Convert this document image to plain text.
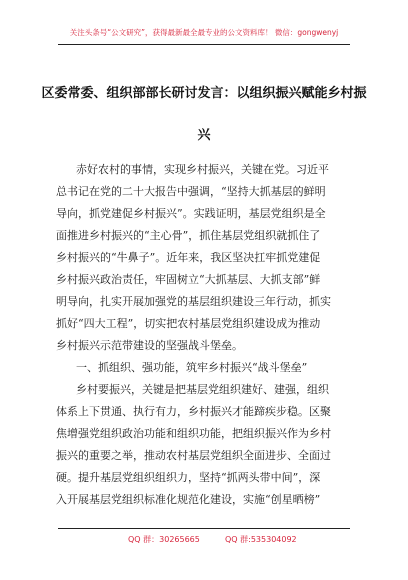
关注头条号“公文研究”，获得最新最全最专业的公文资料库！ 微信：gongwenyj
区委常委、组织部部长研讨发言：以组织振兴赋能乡村振
兴
赤好农村的事情，实现乡村振兴，关键在党。习近平
总书记在党的二十大报告中强调，“坚持大抓基层的鲜明
导向，抓党建促乡村振兴”。实践证明，基层党组织是全
面推进乡村振兴的“主心骨”，抓住基层党组织就抓住了
乡村振兴的“牛鼻子”。近年来，我区坚决扛牢抓党建促
乡村振兴政治责任，牢固树立“大抓基层、大抓支部”鲜
明导向，扎实开展加强党的基层组织建设三年行动，抓实
抓好“四大工程”，切实把农村基层党组织建设成为推动
乡村振兴示范带建设的坚强战斗堡垒。
一、抓组织、强功能，筑牢乡村振兴“战斗堡垒”
乡村要振兴，关键是把基层党组织建好、建强，组织
体系上下贯通、执行有力，乡村振兴才能蹄疾步稳。区聚
焦增强党组织政治功能和组织功能，把组织振兴作为乡村
振兴的重要之举，推动农村基层党组织全面进步、全面过
硬。提升基层党组织组织力，坚持“抓两头带中间”，深
入开展基层党组织标准化规范化建设，实施“创星晒榜”
QQ 群：30265665	QQ 群:535304092
